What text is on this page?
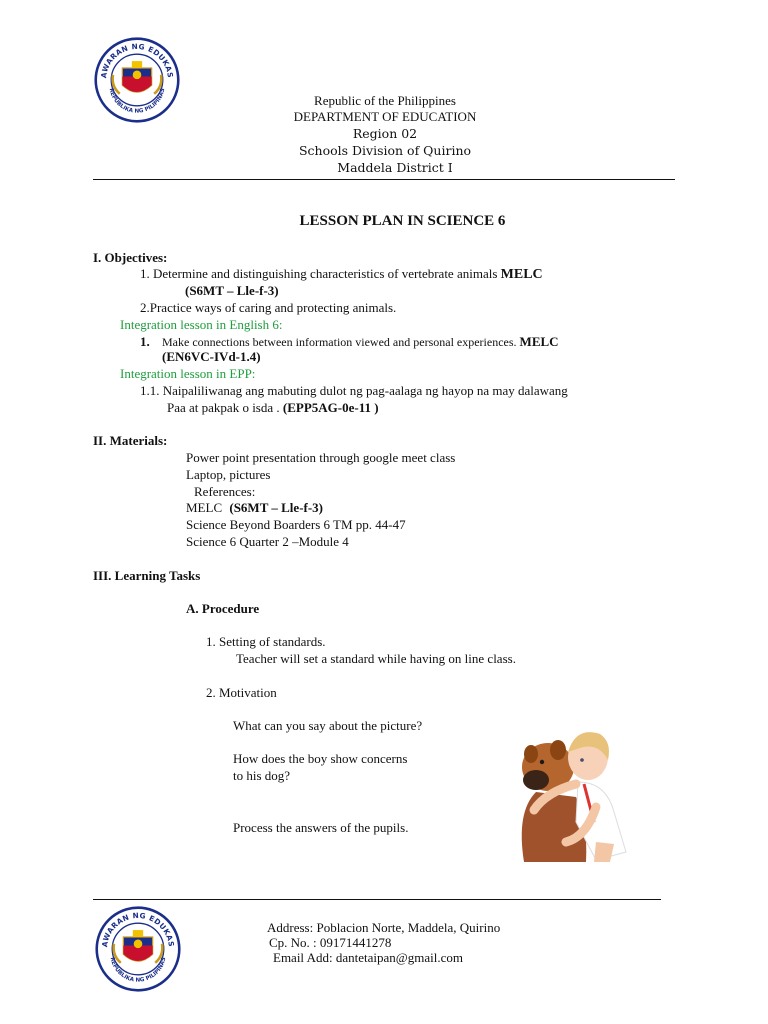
AWARAN NG EDUKAS
REPUBLIKA NG PILIPINAS
Republic of the Philippines
DEPARTMENT OF EDUCATION
Region 02
Schools Division of Quirino
Maddela District I
LESSON PLAN IN SCIENCE 6
I. Objectives:
1. Determine and distinguishing characteristics of vertebrate animals MELC
(S6MT – Lle-f-3)
2.Practice ways of caring and protecting animals.
Integration lesson in English 6:
1. Make connections between information viewed and personal experiences. MELC
(EN6VC-IVd-1.4)
Integration lesson in EPP:
1.1. Naipaliliwanag ang mabuting dulot ng pag-aalaga ng hayop na may dalawang
Paa at pakpak o isda . (EPP5AG-0e-11 )
II. Materials:
Power point presentation through google meet class
Laptop, pictures
References:
MELC (S6MT – Lle-f-3)
Science Beyond Boarders 6 TM pp. 44-47
Science 6 Quarter 2 –Module 4
III. Learning Tasks
A. Procedure
1. Setting of standards.
Teacher will set a standard while having on line class.
2. Motivation
What can you say about the picture?
How does the boy show concerns
to his dog?
Process the answers of the pupils.
AWARAN NG EDUKAS
REPUBLIKA NG PILIPINAS
Address: Poblacion Norte, Maddela, Quirino
Cp. No. : 09171441278
Email Add: dantetaipan@gmail.com
